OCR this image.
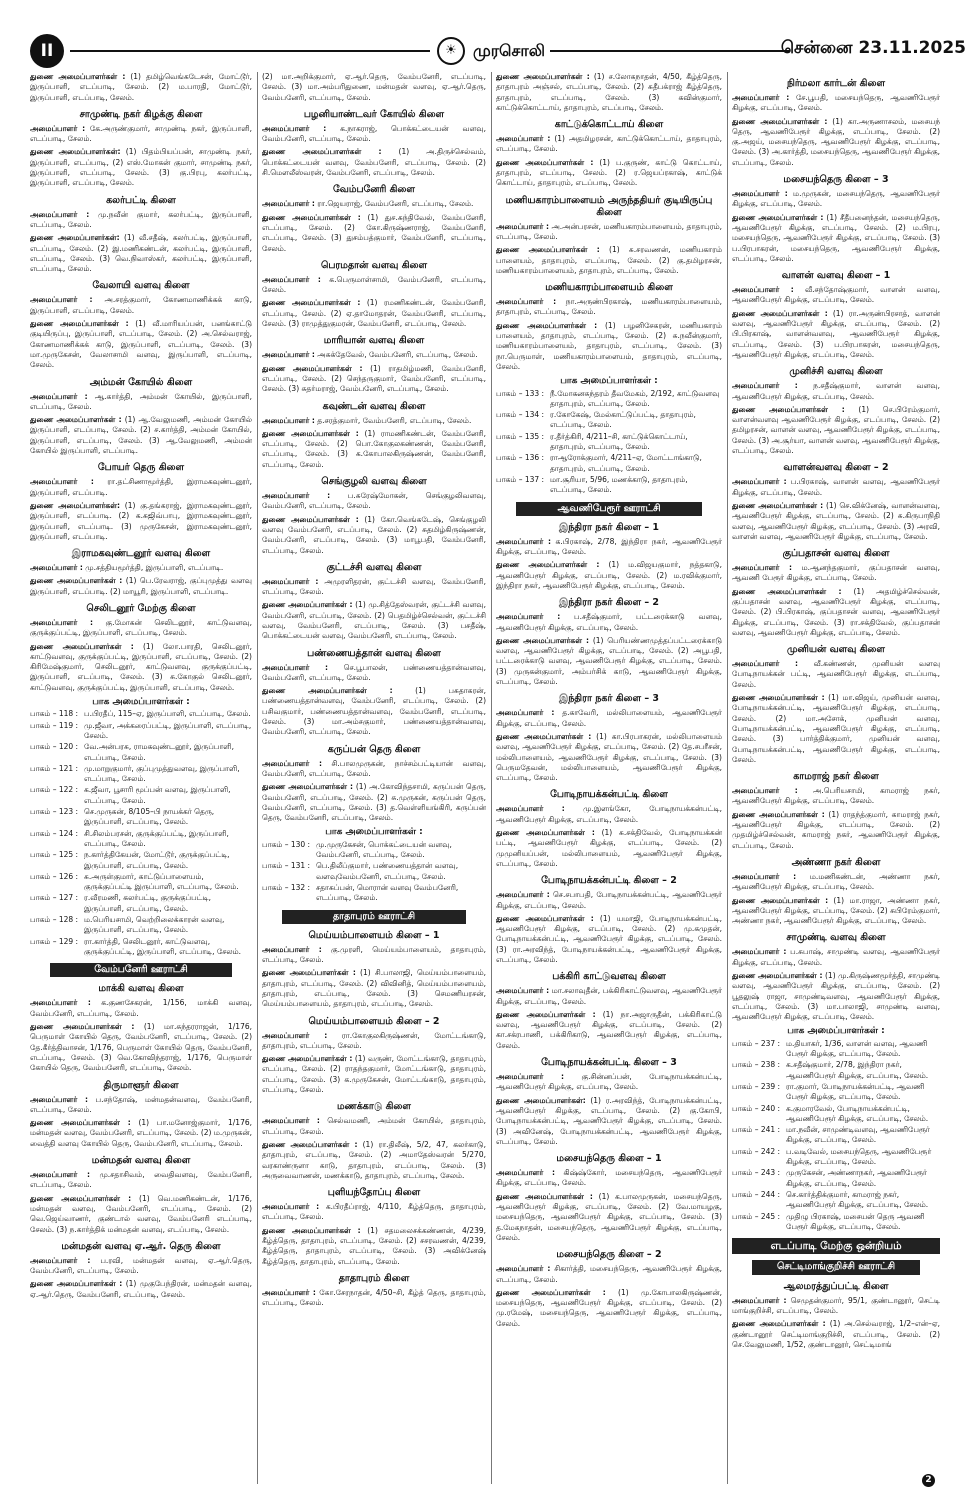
II	☀	முரசொலி	சென்னை 23.11.2025

துணை அமைப்பாளர்கள் : (1) தமிழ்வெங்கடேசன், மோட்டூர், இருப்பாளி, எடப்பாடி, சேலம். (2) ம.பாரதி, மோட்டூர், இருப்பாளி, எடப்பாடி, சேலம்.

சாமுண்டி நகர் கிழக்கு கிளை

அமைப்பாளர் : கே.அருண்குமார், சாமுண்டி நகர், இருப்பாளி, எடப்பாடி, சேலம்.

துணை அமைப்பாளர்கள்: (1) பிதம்பியப்பன், சாமுண்டி நகர், இருப்பாளி, எடப்பாடி, (2) எஸ்.மோகன் குமார், சாமுண்டி நகர், இருப்பாளி, எடப்பாடி, சேலம். (3) கு.பிரபு, கலர்பட்டி, இருப்பாளி, எடப்பாடி, சேலம்.

கலர்பட்டி கிளை

அமைப்பாளர் : மு.நவீன் குமார், கலர்பட்டி, இருப்பாளி, எடப்பாடி, சேலம்.

துணை அமைப்பாளர்கள்: (1) வீ.சதீஷ், கலர்பட்டி, இருப்பாளி, எடப்பாடி, சேலம். (2) இ.மணிகண்டன், கலர்பட்டி, இருப்பாளி, எடப்பாடி, சேலம். (3) வெ.நிவாஸ்கர், கலர்பட்டி, இருப்பாளி, எடப்பாடி, சேலம்.

வேலாயி வளவு கிளை

அமைப்பாளர் : அ.சரத்குமார், கோணமாணிக்கக் காடு, இருப்பாளி, எடப்பாடி, சேலம்.

துணை அமைப்பாளர்கள் : (1) வீ.மாரியப்பன், பனங்காட்டு குடியிருப்பு, இருப்பாளி, எடப்பாடி, சேலம். (2) அ.செல்வராஜ், கோணமாணிக்கக் காடு, இருப்பாளி, எடப்பாடி, சேலம். (3) மா.முருகேசன், வேலாசாமி வளவு, இருப்பாளி, எடப்பாடி, சேலம்.

அம்மன் கோயில் கிளை

அமைப்பாளர் : ஆ.கார்த்தி, அம்மன் கோயில், இருப்பாளி, எடப்பாடி, சேலம்.

துணை அமைப்பாளர்கள் : (1) ஆ.வேலுமணி, அம்மன் கோயில் இருப்பாளி, எடப்பாடி, சேலம். (2) ச.கார்த்தி, அம்மன் கோயில், இருப்பாளி, எடப்பாடி, சேலம். (3) ஆ.வேலுமணி, அம்மன் கோயில் இருப்பாளி, எடப்பாடி.

போயர் தெரு கிளை

அமைப்பாளர் : ரா.தட்சிணாமூர்த்தி, இராமகவுண்டனூர், இருப்பாளி, எடப்பாடி.

துணை அமைப்பாளர்கள்: (1) கு.தங்கராஜ், இராமகவுண்டனூர், இருப்பாளி, எடப்பாடி. (2) க.சுஜிவ்பாபு, இராமகவுண்டனூர், இருப்பாளி, எடப்பாடி. (3) முருகேசன், இராமகவுண்டனூர், இருப்பாளி, எடப்பாடி.

இராமகவுண்டனூர் வளவு கிளை

அமைப்பாளர் : மு.சத்தியமூர்த்தி, இருப்பாளி, எடப்பாடி.

துணை அமைப்பாளர்கள் : (1) பெ.ரேவராஜ், குப்புமுத்து வளவு இருப்பாளி, எடப்பாடி. (2) மாயூரி, இருப்பாளி, எடப்பாடி.

செலிடனூர் மேற்கு கிளை

அமைப்பாளர் : கு.மோகன் செலிடனூர், காட்டுவளவு, குருக்குப்பட்டி, இருப்பாளி, எடப்பாடி, சேலம்.

துணை அமைப்பாளர்கள் : (1) லோ.பாரதி, செலிடனூர், காட்டுவளவு, குருக்குப்பட்டி, இருப்பாளி, எடப்பாடி, சேலம். (2) கிரிமேஷ்குமார், செலிடனூர், காட்டுவளவு, குருக்குப்பட்டி, இருப்பாளி, எடப்பாடி, சேலம். (3) சு.கோகுல் செலிடனூர், காட்டுவளவு, குருக்குப்பட்டி, இருப்பாளி, எடப்பாடி, சேலம்.

பாக அமைப்பாளர்கள் :
பாகம் – 118 : ப.பிரதீப், 115–ஏ, இருப்பாளி, எடப்பாடி, சேலம்.
பாகம் – 119 : மு.ஜீவா, அக்கரைப்பட்டி, இருப்பாளி, எடப்பாடி, சேலம்.
பாகம் – 120 : வே.அன்பரசு, ராமகவுண்டனூர், இருப்பாளி, எடப்பாடி, சேலம்.
பாகம் – 121 : மு.மாறுகுமார், குப்புமுத்துவளவு, இருப்பாளி, எடப்பாடி, சேலம்.
பாகம் – 122 : க.ஜீவா, பூசாரி மூப்பன் வளவு, இருப்பாளி, எடப்பாடி, சேலம்.
பாகம் – 123 : செ.முருகன், 8/105–பி நாயக்கர் தெரு, இருப்பாளி, எடப்பாடி, சேலம்.
பாகம் – 124 : சி.சிலம்பரசன், குருக்குப்பட்டி, இருப்பாளி, எடப்பாடி, சேலம்.
பாகம் – 125 : ந.கார்த்திகேயன், மோட்டூர், குருக்குப்பட்டி, இருப்பாளி, எடப்பாடி, சேலம்.
பாகம் – 126 : சு.அருள்குமார், காட்டுப்பாளையம், குருக்குப்பட்டி இருப்பாளி, எடப்பாடி, சேலம்.
பாகம் – 127 : ர.வீரமணி, கலர்பட்டி, குருக்குப்பட்டி, இருப்பாளி, எடப்பாடி, சேலம்.
பாகம் – 128 : ம.பெரியசாமி, வெற்றிலைக்காரன் வளவு, இருப்பாளி, எடப்பாடி, சேலம்.
பாகம் – 129 : ரா.கார்த்தி, செலிடனூர், காட்டுவளவு, குருக்குப்பட்டி, இருப்பாளி, எடப்பாடி, சேலம்.
வேம்பனேரி ஊராட்சி
மாக்கி வளவு கிளை

அமைப்பாளர் : க.குணசேகரன், 1/156, மாக்கி வளவு, வேம்பனேரி, எடப்பாடி, சேலம்.

துணை அமைப்பாளர்கள் : (1) மா.சுந்தரராஜன், 1/176, பெருமாள் கோயில் தெரு, வேம்பனேரி, எடப்பாடி, சேலம். (2) தே.கீர்த்திவாசன், 1/176, பெருமாள் கோயில் தெரு, வேம்பனேரி, எடப்பாடி, சேலம். (3) வெ.கோவிந்தராஜ், 1/176, பெருமாள் கோயில் தெரு, வேம்பனேரி, எடப்பாடி, சேலம்.

திருமாளூர் கிளை

அமைப்பாளர் : ப.சந்தோஷ், மன்மதன்வளவு, வேம்பனேரி, எடப்பாடி, சேலம்.

துணை அமைப்பாளர்கள் : (1) பா.மனோஜ்குமார், 1/176, மன்மதன் வளவு, வேம்பனேரி, எடப்பாடி, சேலம். (2) ம.முருகன், வைத்தி வளவு கோயில் தெரு, வேம்பனேரி, எடப்பாடி, சேலம்.

மன்மதன் வளவு கிளை

அமைப்பாளர் : மு.சதாசிவம், வைதிவளவு, வேம்பனேரி, எடப்பாடி, சேலம்.

துணை அமைப்பாளர்கள் : (1) வெ.மணிகண்டன், 1/176, மன்மதன் வளவு, வேம்பனேரி, எடப்பாடி, சேலம். (2) வெ.ஜெய்வாணர், குண்டால் வளவு, வேம்பனேரி எடப்பாடி, சேலம். (3) ந.கார்த்திக் மன்மதன் வளவு, எடப்பாடி, சேலம்.

மன்மதன் வளவு ஏ.ஆர். தெரு கிளை

அமைப்பாளர் : ப.ரவி, மன்மதன் வளவு, ஏ.ஆர்.தெரு, வேம்பனேரி, எடப்பாடி, சேலம்.

துணை அமைப்பாளர்கள் : (1) முகுபேந்திரன், மன்மதன் வளவு, ஏ.ஆர்.தெரு, வேம்பனேரி, எடப்பாடி, சேலம்.

(2) மா.அறிக்குமார், ஏ.ஆர்.தெரு, வேம்பனேரி, எடப்பாடி, சேலம். (3) மா.அம்பரிதுணை, மன்மதன் வளவு, ஏ.ஆர்.தெரு, வேம்பனேரி, எடப்பாடி, சேலம்.

பழனியாண்டவர் கோயில் கிளை

அமைப்பாளர் : க.நாகராஜ், பொக்கட்டையன் வளவு, வேம்பனேரி, எடப்பாடி, சேலம்.

துணை அமைப்பாளர்கள் : (1) அ.திருச்செல்வம், பொக்கட்டையன் வளவு, வேம்பனேரி, எடப்பாடி, சேலம். (2) சி.மெளலீஸ்வரன், வேம்பனேரி, எடப்பாடி, சேலம்.

வேம்பனேரி கிளை

அமைப்பாளர் : ரா.ஜெயராஜ், வேம்பனேரி, எடப்பாடி, சேலம்.

துணை அமைப்பாளர்கள் : (1) துச.சுந்திவேல், வேம்பனேரி, எடப்பாடி, சேலம். (2) கோ.கிருஷ்ணராஜ், வேம்பனேரி, எடப்பாடி, சேலம். (3) துசம்பத்குமார், வேம்பனேரி, எடப்பாடி, சேலம்.

பெரமதான் வளவு கிளை

அமைப்பாளர் : க.பெருமாள்சாமி, வேம்பனேரி, எடப்பாடி, சேலம்.

துணை அமைப்பாளர்கள் : (1) ரமணிகண்டன், வேம்பனேரி, எடப்பாடி, சேலம். (2) ஏ.தாமோதரன், வேம்பனேரி, எடப்பாடி, சேலம். (3) ராமுத்துகுமரன், வேம்பனேரி, எடப்பாடி, சேலம்.

மாரியான் வளவு கிளை

அமைப்பாளர் : அசுக்தேவேல், வேம்பனேரி, எடப்பாடி, சேலம்.

துணை அமைப்பாளர்கள் : (1) ராதமிழ்மணி, வேம்பனேரி, எடப்பாடி, சேலம். (2) செந்தருகுமார், வேம்பனேரி, எடப்பாடி, சேலம். (3) சுதர்மராஜ், வேம்பனேரி, எடப்பாடி, சேலம்.

கவுண்டன் வளவு கிளை

அமைப்பாளர் : த.சரத்குமார், வேம்பனேரி, எடப்பாடி, சேலம்.

துணை அமைப்பாளர்கள் : (1) ராமணிகண்டன், வேம்பனேரி, எடப்பாடி, சேலம். (2) பொ.கோகுலகண்ணன், வேம்பனேரி, எடப்பாடி, சேலம். (3) க.கோபாலகிருஷ்ணன், வேம்பனேரி, எடப்பாடி, சேலம்.

செங்குழலி வளவு கிளை

அமைப்பாளர் : ப.சுரேஷ்மோகன், செங்குழலிவளவு, வேம்பனேரி, எடப்பாடி, சேலம்.

துணை அமைப்பாளர்கள் : (1) கோ.வெங்கடேஷ், செங்குழலி வளவு வேம்பனேரி, எடப்பாடி, சேலம். (2) சுதமிழ்கிருஷ்ணன், வேம்பனேரி, எடப்பாடி, சேலம். (3) மாபூபதி, வேம்பனேரி, எடப்பாடி, சேலம்.

குட்டச்சி வளவு கிளை

அமைப்பாளர் : அமுரளிதரன், குட்டச்சி வளவு, வேம்பனேரி, எடப்பாடி, சேலம்.

துணை அமைப்பாளர்கள் : (1) மு.சித்தேஸ்வரன், குட்டச்சி வளவு, வேம்பனேரி, எடப்பாடி, சேலம். (2) பெதமிழ்ச்செல்வன், குட்டச்சி வளவு, வேம்பனேரி, எடப்பாடி, சேலம். (3) பசதீஷ், பொக்கட்டையன் வளவு, வேம்பனேரி, எடப்பாடி, சேலம்.

பண்ணையத்தான் வளவு கிளை

அமைப்பாளர் : செ.பூபாலன், பண்ணையத்தான்வளவு, வேம்பனேரி, எடப்பாடி, சேலம்.

துணை அமைப்பாளர்கள் : (1) பசுதாகரன், பண்ணையத்தான்வளவு, வேம்பனேரி, எடப்பாடி, சேலம். (2) பசிவகுமார், பண்ணையத்தான்வளவு, வேம்பனேரி, எடப்பாடி, சேலம். (3) மா.அம்சகுமார், பண்ணையத்தான்வளவு, வேம்பனேரி, எடப்பாடி, சேலம்.

கருப்பன் தெரு கிளை

அமைப்பாளர் : சி.பாலமுருகன், நாச்சம்பட்டியான் வளவு, வேம்பனேரி, எடப்பாடி, சேலம்.

துணை அமைப்பாளர்கள் : (1) அ.கோவிந்தசாமி, கருப்பன் தெரு, வேம்பனேரி, எடப்பாடி, சேலம். (2) சு.முருகன், கருப்பன் தெரு, வேம்பனேரி, எடப்பாடி, சேலம். (3) த.வெள்ளியங்கிரி, கருப்பன் தெரு, வேம்பனேரி, எடப்பாடி, சேலம்.

பாக அமைப்பாளர்கள் :
பாகம் – 130 : மு.முருகேசன், பொக்கட்டையன் வளவு, வேம்பனேரி, எடப்பாடி, சேலம்.
பாகம் – 131 : பெ.திலீப்குமார், பண்ணையத்தான் வளவு, வளவுவேம்பனேரி, எடப்பாடி, சேலம்.
பாகம் – 132 : சதாசுப்பன், மொரான் வளவு வேம்பனேரி, எடப்பாடி, சேலம்.
தாதாபுரம் ஊராட்சி
மெய்யம்பாளையம் கிளை – 1

அமைப்பாளர் : கு.முரளி, மெய்யம்பாளையம், தாதாபுரம், எடப்பாடி, சேலம்.

துணை அமைப்பாளர்கள் : (1) சி.பாலாஜி, மெய்யம்பாளையம், தாதாபுரம், எடப்பாடி, சேலம். (2) விவினித், மெய்யம்பாளையம், தாதாபுரம், எடப்பாடி, சேலம். (3) செமணியரசன், மெய்யம்பாளையம், தாதாபுரம், எடப்பாடி, சேலம்.

மெய்யம்பாளையம் கிளை – 2

அமைப்பாளர் : ரா.கோகுலகிருஷ்ணன், மோட்டங்காடு, தாதாபுரம், எடப்பாடி, சேலம்.

துணை அமைப்பாளர்கள் : (1) வருண், மோட்டங்காடு, தாதாபுரம், எடப்பாடி, சேலம். (2) ராதந்தகுமார், மோட்டங்காடு, தாதாபுரம், எடப்பாடி, சேலம். (3) க.முருகேசன், மோட்டங்காடு, தாதாபுரம், எடப்பாடி, சேலம்.

மணக்காடு கிளை

அமைப்பாளர் : செல்வமணி, அம்மன் கோயில், தாதாபுரம், எடப்பாடி, சேலம்.

துணை அமைப்பாளர்கள் : (1) ரா.திலீஷ், 5/2, 47, கலர்காடு, தாதாபுரம், எடப்பாடி, சேலம். (2) அமாதேஸ்வரன் 5/270, வரகாண்ருளா காடு, தாதாபுரம், எடப்பாடி, சேலம். (3) அருவைவாணன், மணக்காடு, தாதாபுரம், எடப்பாடி, சேலம்.

புளியந்தோப்பு கிளை

அமைப்பாளர் : க.பிரதீப்ராஜ், 4/110, கீழ்த்தெரு, தாதாபுரம், எடப்பாடி, சேலம்.

துணை அமைப்பாளர்கள் : (1) சதமலைசக்கண்ணன், 4/239, கீழ்த்தெரு, தாதாபுரம், எடப்பாடி, சேலம். (2) சசரவணன், 4/239, கீழ்த்தெரு, தாதாபுரம், எடப்பாடி, சேலம். (3) அவிக்னேஷ் கீழ்த்தெரு, தாதாபுரம், எடப்பாடி, சேலம்.

தாதாபுரம் கிளை

அமைப்பாளர் : கோ.சேரநாதன், 4/50–சி, கீழ்த் தெரு, தாதாபுரம், எடப்பாடி, சேலம்.

துணை அமைப்பாளர்கள் : (1) ச.லோகநாதன், 4/50, கீழ்த்தெரு, தாதாபுரம் அஞ்சல், எடப்பாடி, சேலம். (2) சுதீபக்ராஜ் கீழ்த்தெரு, தாதாபுரம், எடப்பாடி, சேலம். (3) கவின்குமார், காட்டுக்கொட்டாய், தாதாபுரம், எடப்பாடி, சேலம்.

காட்டுக்கொட்டாய் கிளை

அமைப்பாளர் : (1) அதமிழரசன், காட்டுக்கொட்டாய், தாதாபுரம், எடப்பாடி, சேலம்.

துணை அமைப்பாளர்கள் : (1) ப.குருண், காட்டு கொட்டாய், தாதாபுரம், எடப்பாடி, சேலம். (2) ர.ஜெயப்ரகாஷ், காட்டுக் கொட்டாய், தாதாபுரம், எடப்பாடி, சேலம்.

மணியகாரம்பாளையம் அருந்ததியர் குடியிருப்பு கிளை

அமைப்பாளர் : அ.அன்பரசன், மணியகாரம்பாளையம், தாதாபுரம், எடப்பாடி, சேலம்.

துணை அமைப்பாளர்கள் : (1) சு.சரவணன், மணியகாரம் பாளையம், தாதாபுரம், எடப்பாடி, சேலம். (2) கு.தமிழரசன், மணியகாரம்பாளையம், தாதாபுரம், எடப்பாடி, சேலம்.

மணியகாரம்பாளையம் கிளை

அமைப்பாளர் : நா.அருண்பிரகாஷ், மணியகாரம்பாளையம், தாதாபுரம், எடப்பாடி, சேலம்.

துணை அமைப்பாளர்கள் : (1) பழனிசேகரன், மணியகாரம் பாளையம், தாதாபுரம், எடப்பாடி, சேலம். (2) சு.நவீன்குமார், மணியகாரம்பாளையம், தாதாபுரம், எடப்பாடி, சேலம். (3) நா.பெருமாள், மணியகாரம்பாளையம், தாதாபுரம், எடப்பாடி, சேலம்.

பாக அமைப்பாளர்கள் :
பாகம் – 133 : நீ.மோகனசுந்தரம் தீவமேகம், 2/192, காட்டுவளவு தாதாபுரம், எடப்பாடி, சேலம்.
பாகம் – 134 : ர.கோகேஷ், மேல்காட்டுப்பட்டி, தாதாபுரம், எடப்பாடி, சேலம்.
பாகம் – 135 : ர.தீர்த்கிரி, 4/211–சி, காட்டுக்கொட்டாய், தாதாபுரம், எடப்பாடி, சேலம்.
பாகம் – 136 : ராஆரோக்குமார், 4/211–ஏ, மோட்டாங்காடு, தாதாபுரம், எடப்பாடி, சேலம்.
பாகம் – 137 : மா.சூரியா, 5/96, மணக்காடு, தாதாபுரம், எடப்பாடி, சேலம்.
ஆவணிபேரூர் ஊராட்சி
இந்திரா நகர் கிளை – 1

அமைப்பாளர் : க.பிரகாஷ், 2/78, இந்திரா நகர், ஆவணிபேரூர் கிழக்கு, எடப்பாடி, சேலம்.

துணை அமைப்பாளர்கள் : (1) ம.விஜயகுமார், நத்தகாடு, ஆவணிபேரூர் கிழக்கு, எடப்பாடி, சேலம். (2) ம.ரவிக்குமார், இந்திரா நகர், ஆவணிபேரூர் கிழக்கு, எடப்பாடி, சேலம்.

இந்திரா நகர் கிளை – 2

அமைப்பாளர் : ப.சதீஷ்குமார், பட்டரைக்காடு வளவு, ஆவணிபேரூர் கிழக்கு, எடப்பாடி, சேலம்.

துணை அமைப்பாளர்கள் : (1) பெரியண்ணமுத்தப்பட்டரைக்காடு வளவு, ஆவணிபேரூர் கிழக்கு, எடப்பாடி, சேலம். (2) அபூபதி, பட்டரைக்காடு வளவு, ஆவணிபேரூர் கிழக்கு, எடப்பாடி, சேலம். (3) முருகன்குமார், அம்பர்சிக் காடு, ஆவணிபேரூர் கிழக்கு, எடப்பாடி, சேலம்.

இந்திரா நகர் கிளை – 3

அமைப்பாளர் : த.காவேரி, மல்லிபாளையம், ஆவணிபேரூர் கிழக்கு, எடப்பாடி, சேலம்.

துணை அமைப்பாளர்கள் : (1) கா.பிரபாகரன், மல்லிபாளையம் வளவு, ஆவணிபேரூர் கிழக்கு, எடப்பாடி, சேலம். (2) தே.சபரீசன், மல்லிபாளையம், ஆவணிபேரூர் கிழக்கு, எடப்பாடி, சேலம். (3) பெருமதேவன், மல்லிபாளையம், ஆவணிபேரூர் கிழக்கு, எடப்பாடி, சேலம்.

போடிநாயக்கன்பட்டி கிளை

அமைப்பாளர் : மு.இளங்கோ, போடிநாயக்கன்பட்டி, ஆவணிபேரூர் கிழக்கு, எடப்பாடி, சேலம்.

துணை அமைப்பாளர்கள் : (1) சு.சக்திவேல், போடிநாயக்கன் பட்டி, ஆவணிபேரூர் கிழக்கு, எடப்பாடி, சேலம். (2) முமுனியப்பன், மல்லிபாளையம், ஆவணிபேரூர் கிழக்கு, எடப்பாடி, சேலம்.

போடிநாயக்கன்பட்டி கிளை – 2

அமைப்பாளர் : செ.சபாபதி, போடிநாயக்கன்பட்டி, ஆவணிபேரூர் கிழக்கு, எடப்பாடி, சேலம்.

துணை அமைப்பாளர்கள் : (1) யமாஜி, போடிநாயக்கன்பட்டி, ஆவணிபேரூர் கிழக்கு, எடப்பாடி, சேலம். (2) மு.கமுதன், போடிநாயக்கன்பட்டி, ஆவணிபேரூர் கிழக்கு, எடப்பாடி, சேலம். (3) ரா.அரவிந்த், போடிநாயக்கன்பட்டி, ஆவணிபேரூர் கிழக்கு, எடப்பாடி, சேலம்.

பக்கிரி காட்டுவளவு கிளை

அமைப்பாளர் : மா.சலாவுதீன், பக்கிரிகாட்டுவளவு, ஆவணிபேரூர் கிழக்கு, எடப்பாடி, சேலம்.

துணை அமைப்பாளர்கள் : (1) நா.அஜாருதீன், பக்கிரிகாட்டு வளவு, ஆவணிபேரூர் கிழக்கு, எடப்பாடி, சேலம். (2) கா.சக்ரபாணி, பக்கிரிகாடு, ஆவணிபேரூர் கிழக்கு, எடப்பாடி, சேலம்.

போடிநாயக்கன்பட்டி கிளை – 3

அமைப்பாளர் : கு.சின்னப்பன், போடிநாயக்கன்பட்டி, ஆவணிபேரூர் கிழக்கு, எடப்பாடி, சேலம்.

துணை அமைப்பாளர்கள்: (1) ர.அரவிந்த், போடிநாயக்கன்பட்டி, ஆவணிபேரூர் கிழக்கு, எடப்பாடி, சேலம். (2) கு.கோபி, போடிநாயக்கன்பட்டி, ஆவணிபேரூர் கிழக்கு, எடப்பாடி, சேலம். (3) அவினேஷ், போடிநாயக்கன்பட்டி, ஆவணிபேரூர் கிழக்கு, எடப்பாடி, சேலம்.

மசையந்தெரு கிளை – 1

அமைப்பாளர் : கிஷ்ஷ்கோர், மசையந்தெரு, ஆவணிபேரூர் கிழக்கு, எடப்பாடி, சேலம்.

துணை அமைப்பாளர்கள் : (1) க.பாலமுருகன், மசையந்தெரு, ஆவணிபேரூர் கிழக்கு, எடப்பாடி, சேலம். (2) வே.மாயழகு, மசையந்தெரு, ஆவணிபேரூர் கிழக்கு, எடப்பாடி, சேலம். (3) த.மேகநாதன், மசையந்தெரு, ஆவணிபேரூர் கிழக்கு, எடப்பாடி, சேலம்.

மசையந்தெரு கிளை – 2

அமைப்பாளர் : சிகார்த்தி, மசையந்தெரு, ஆவணிபேரூர் கிழக்கு, எடப்பாடி, சேலம்.

துணை அமைப்பாளர்கள் : (1) மு.கோபாலகிருஷ்ணன், மசையந்தெரு, ஆவணிபேரூர் கிழக்கு, எடப்பாடி, சேலம். (2) மு.ரமேஷ், மசையந்தெரு, ஆவணிபேரூர் கிழக்கு, எடப்பாடி, சேலம்.

நிர்மலா கார்டன் கிளை

அமைப்பாளர் : சே.பூபதி, மசையந்தெரு, ஆவணிபேரூர் கிழக்கு, எடப்பாடி, சேலம்.

துணை அமைப்பாளர்கள் : (1) கா.அருணாசலம், மசையந் தெரு, ஆவணிபேரூர் கிழக்கு, எடப்பாடி, சேலம். (2) கு.அஜய், மசையந்தெரு, ஆவணிபேரூர் கிழக்கு, எடப்பாடி, சேலம். (3) அ.கார்த்தி, மசையந்தெரு, ஆவணிபேரூர் கிழக்கு, எடப்பாடி, சேலம்.

மசையந்தெரு கிளை – 3

அமைப்பாளர் : ம.முருகன், மசையந்தெரு, ஆவணிபேரூர் கிழக்கு, எடப்பாடி, சேலம்.

துணை அமைப்பாளர்கள் : (1) சீதீபனைந்தன், மசையந்தெரு, ஆவணிபேரூர் கிழக்கு, எடப்பாடி, சேலம். (2) ம.பிரபு, மசையந்தெரு, ஆவணிபேரூர் கிழக்கு, எடப்பாடி, சேலம். (3) ப.பிரபாகரன், மசையந்தெரு, ஆவணிபேரூர் கிழக்கு, எடப்பாடி, சேலம்.

வாளன் வளவு கிளை – 1

அமைப்பாளர் : வீ.சந்தோஷ்குமார், வாளன் வளவு, ஆவணிபேரூர் கிழக்கு, எடப்பாடி, சேலம்.

துணை அமைப்பாளர்கள் : (1) ரா.அருண்பிரசாத், வாளன் வளவு, ஆவணிபேரூர் கிழக்கு, எடப்பாடி, சேலம். (2) பி.பிரகாஷ், வாளன்வளவு, ஆவணிபேரூர் கிழக்கு, எடப்பாடி, சேலம். (3) ப.பிரபாகரன், மசையந்தெரு, ஆவணிபேரூர் கிழக்கு, எடப்பாடி, சேலம்.

முனிச்சி வளவு கிளை

அமைப்பாளர் : ந.சதீஷ்குமார், வாளன் வளவு, ஆவணிபேரூர் கிழக்கு, எடப்பாடி, சேலம்.

துணை அமைப்பாளர்கள் : (1) செ.பிரேம்குமார், வாளன்வளவு ஆவணிபேரூர் கிழக்கு, எடப்பாடி, சேலம். (2) தமிழரசன், வாளன் வளவு, ஆவணிபேரூர் கிழக்கு, எடப்பாடி, சேலம். (3) அ.சூர்யா, வாளன் வளவு, ஆவணிபேரூர் கிழக்கு, எடப்பாடி, சேலம்.

வாளன்வளவு கிளை – 2

அமைப்பாளர் : ப.பிரகாஷ், வாளன் வளவு, ஆவணிபேரூர் கிழக்கு, எடப்பாடி, சேலம்.

துணை அமைப்பாளர்கள் : (1) செ.விக்னேஷ், வாளன்வளவு, ஆவணிபேரூர் கிழக்கு, எடப்பாடி, சேலம். (2) சு.கிருபாநிதி வளவு, ஆவணிபேரூர் கிழக்கு, எடப்பாடி, சேலம். (3) அரவி, வாளன் வளவு, ஆவணிபேரூர் கிழக்கு, எடப்பாடி, சேலம்.

குப்பதாசன் வளவு கிளை

அமைப்பாளர் : ம.ஆனந்தகுமார், குப்பதாசன் வளவு, ஆவணி பேரூர் கிழக்கு, எடப்பாடி, சேலம்.

துணை அமைப்பாளர்கள் : (1) அதமிழ்ச்செல்வன், குப்பதாசன் வளவு, ஆவணிபேரூர் கிழக்கு, எடப்பாடி, சேலம். (2) பி.பிரகாஷ், குப்பதாசன் வளவு, ஆவணிபேரூர் கிழக்கு, எடப்பாடி, சேலம். (3) ரா.சக்திவேல், குப்பதாசன் வளவு, ஆவணிபேரூர் கிழக்கு, எடப்பாடி, சேலம்.

முனியன் வளவு கிளை

அமைப்பாளர் : வீ.கண்ணன், முனியன் வளவு போடிநாயக்கன் பட்டி, ஆவணிபேரூர் கிழக்கு, எடப்பாடி, சேலம்.

துணை அமைப்பாளர்கள் : (1) மா.விஜய், முனியன் வளவு, போடிநாயக்கன்பட்டி, ஆவணிபேரூர் கிழக்கு, எடப்பாடி, சேலம். (2) மா.அசோக், முனியன் வளவு, போடிநாயக்கன்பட்டி, ஆவணிபேரூர் கிழக்கு, எடப்பாடி, சேலம். (3) பார்த்திக்குமார், முனியன் வளவு, போடிநாயக்கன்பட்டி, ஆவணிபேரூர் கிழக்கு, எடப்பாடி, சேலம்.

காமராஜ் நகர் கிளை

அமைப்பாளர் : அ.பெரியசாமி, காமராஜ் நகர், ஆவணிபேரூர் கிழக்கு, எடப்பாடி, சேலம்.

துணை அமைப்பாளர்கள் : (1) ராதந்த்குமார், காமராஜ் நகர், ஆவணிபேரூர் கிழக்கு, எடப்பாடி, சேலம். (2) முதமிழ்ச்செல்வன், காமராஜ் நகர், ஆவணிபேரூர் கிழக்கு, எடப்பாடி, சேலம்.

அண்ணா நகர் கிளை

அமைப்பாளர் : ம.மணிகண்டன், அண்ணா நகர், ஆவணிபேரூர் கிழக்கு, எடப்பாடி, சேலம்.

துணை அமைப்பாளர்கள் : (1) மா.ராஜா, அண்ணா நகர், ஆவணிபேரூர் கிழக்கு, எடப்பாடி, சேலம். (2) சுபிரேம்குமார், அண்ணா நகர், ஆவணிபேரூர் கிழக்கு, எடப்பாடி, சேலம்.

சாமுண்டி வளவு கிளை

அமைப்பாளர் : ப.சுபாஷ், சாமுண்டி வளவு, ஆவணிபேரூர் கிழக்கு, எடப்பாடி, சேலம்.

துணை அமைப்பாளர்கள் : (1) மு.கிருஷ்ணமூர்த்தி, சாமுண்டி வளவு, ஆவணிபேரூர் கிழக்கு, எடப்பாடி, சேலம். (2) பூதலுஷ் ராஜா, சாமுண்டிவளவு, ஆவணிபேரூர் கிழக்கு, எடப்பாடி, சேலம். (3) மா.பாலாஜி, சாமுண்டி வளவு, ஆவணிபேரூர் கிழக்கு, எடப்பாடி, சேலம்.

பாக அமைப்பாளர்கள் :
பாகம் – 237 : ம.தியாகர், 1/36, வாளன் வளவு, ஆவணி பேரூர் கிழக்கு, எடப்பாடி, சேலம்.
பாகம் – 238 : க.சதீஷ்குமார், 2/78, இந்திரா நகர், ஆவணிபேரூர் கிழக்கு, எடப்பாடி, சேலம்.
பாகம் – 239 : ரா.குமார், போடிநாயக்கன்பட்டி, ஆவணி பேரூர் கிழக்கு, எடப்பாடி, சேலம்.
பாகம் – 240 : க.குமாரவேல், போடிநாயக்கன்பட்டி, ஆவணிபேரூர் கிழக்கு, எடப்பாடி, சேலம்.
பாகம் – 241 : மா.நவீன், சாமுண்டிவளவு, ஆவணிபேரூர் கிழக்கு, எடப்பாடி, சேலம்.
பாகம் – 242 : ப.வடிவேல், மசையந்தெரு, ஆவணிபேரூர் கிழக்கு, எடப்பாடி, சேலம்.
பாகம் – 243 : முருகேசன், அண்ணாநகர், ஆவணிபேரூர் கிழக்கு, எடப்பாடி, சேலம்.
பாகம் – 244 : செ.கார்த்திக்குமார், காமராஜ் நகர், ஆவணிபேரூர் கிழக்கு, எடப்பாடி, சேலம்.
பாகம் – 245 : முதிழு பிரகாஷ், மசையன் தெரு ஆவணி பேரூர் கிழக்கு, எடப்பாடி, சேலம்.
எடப்பாடி மேற்கு ஒன்றியம்
செட்டிமாங்குறிச்சி ஊராட்சி
ஆலமரத்துப்பட்டி கிளை

அமைப்பாளர் : செமுதன்குமார், 95/1, குண்டானூர், செட்டி மாங்குறிச்சி, எடப்பாடி, சேலம்.

துணை அமைப்பாளர்கள் : (1) அ.செல்வராஜ், 1/2–என்–ஏ, குண்டானூர் செட்டிமாங்குறிச்சி, எடப்பாடி, சேலம். (2) செ.வேலுமணி, 1/52, குண்டானூர், செட்டிமாங்

2
